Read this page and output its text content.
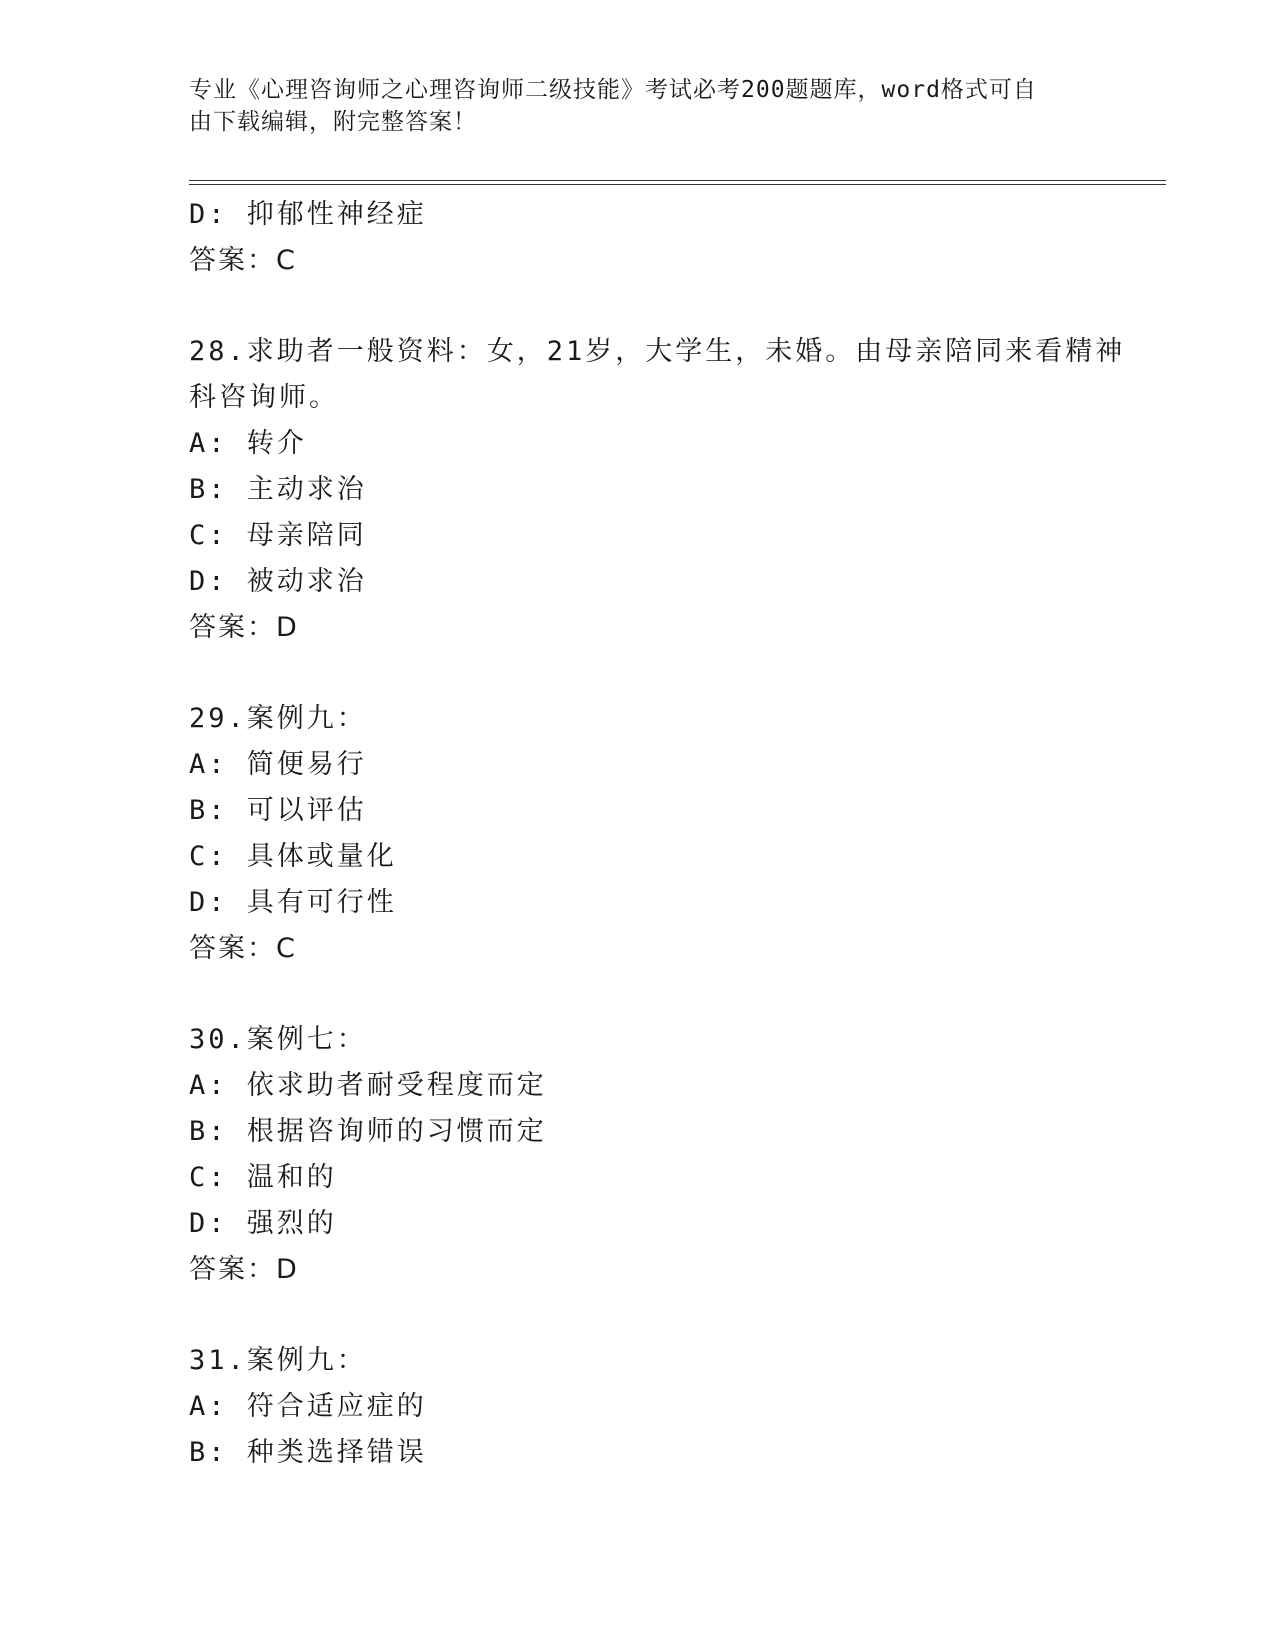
专业《心理咨询师之心理咨询师二级技能》考试必考200题题库，word格式可自
由下载编辑，附完整答案！
D: 抑郁性神经症
答案：C
28.求助者一般资料：女，21岁，大学生，未婚。由母亲陪同来看精神
科咨询师。
A: 转介
B: 主动求治
C: 母亲陪同
D: 被动求治
答案：D
29.案例九：
A: 简便易行
B: 可以评估
C: 具体或量化
D: 具有可行性
答案：C
30.案例七：
A: 依求助者耐受程度而定
B: 根据咨询师的习惯而定
C: 温和的
D: 强烈的
答案：D
31.案例九：
A: 符合适应症的
B: 种类选择错误
